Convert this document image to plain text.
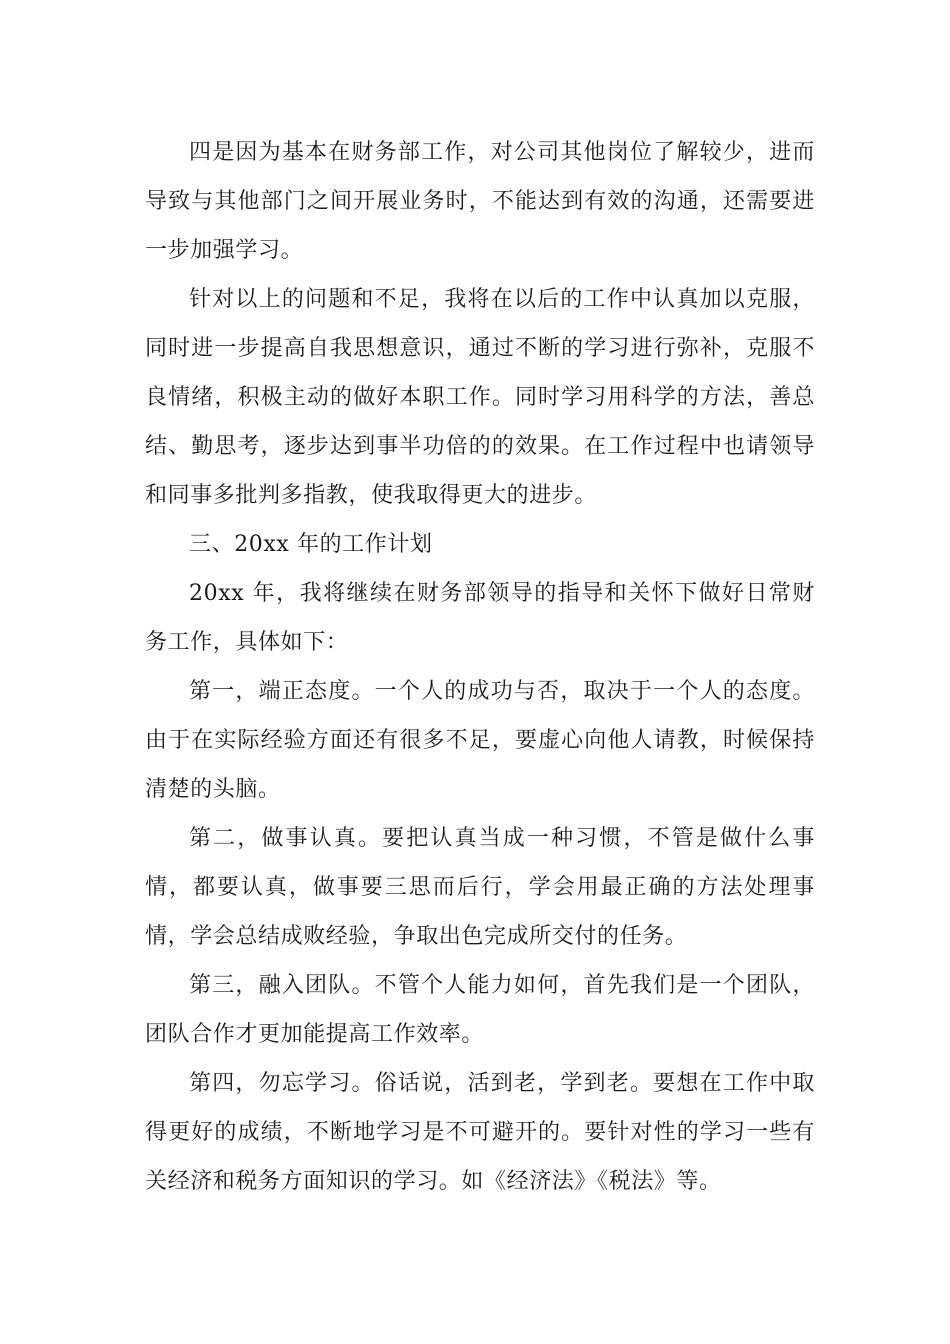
四是因为基本在财务部工作，对公司其他岗位了解较少，进而导致与其他部门之间开展业务时，不能达到有效的沟通，还需要进一步加强学习。

针对以上的问题和不足，我将在以后的工作中认真加以克服，同时进一步提高自我思想意识，通过不断的学习进行弥补，克服不良情绪，积极主动的做好本职工作。同时学习用科学的方法，善总结、勤思考，逐步达到事半功倍的的效果。在工作过程中也请领导和同事多批判多指教，使我取得更大的进步。

三、20xx 年的工作计划

20xx 年，我将继续在财务部领导的指导和关怀下做好日常财务工作，具体如下：

第一，端正态度。一个人的成功与否，取决于一个人的态度。由于在实际经验方面还有很多不足，要虚心向他人请教，时候保持清楚的头脑。

第二，做事认真。要把认真当成一种习惯，不管是做什么事情，都要认真，做事要三思而后行，学会用最正确的方法处理事情，学会总结成败经验，争取出色完成所交付的任务。

第三，融入团队。不管个人能力如何，首先我们是一个团队，团队合作才更加能提高工作效率。

第四，勿忘学习。俗话说，活到老，学到老。要想在工作中取得更好的成绩，不断地学习是不可避开的。要针对性的学习一些有关经济和税务方面知识的学习。如《经济法》《税法》等。
